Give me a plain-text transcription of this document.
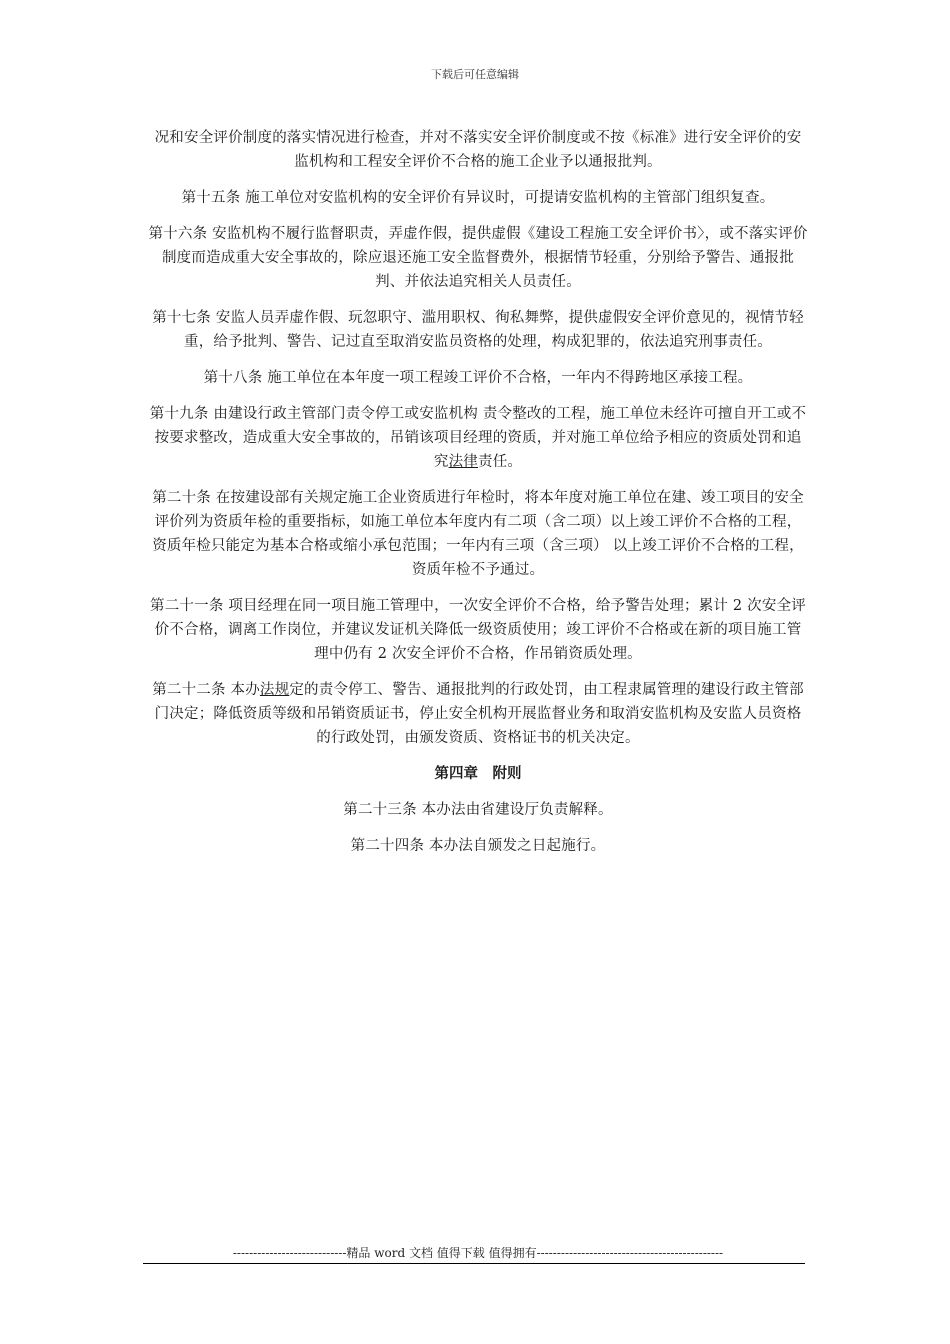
下载后可任意编辑

况和安全评价制度的落实情况进行检查，并对不落实安全评价制度或不按《标准》进行安全评价的安监机构和工程安全评价不合格的施工企业予以通报批判。

第十五条 施工单位对安监机构的安全评价有异议时，可提请安监机构的主管部门组织复查。

第十六条 安监机构不履行监督职责，弄虚作假，提供虚假《建设工程施工安全评价书〉，或不落实评价制度而造成重大安全事故的，除应退还施工安全监督费外，根据情节轻重，分别给予警告、通报批判、并依法追究相关人员责任。

第十七条 安监人员弄虚作假、玩忽职守、滥用职权、徇私舞弊，提供虚假安全评价意见的，视情节轻重，给予批判、警告、记过直至取消安监员资格的处理，构成犯罪的，依法追究刑事责任。

第十八条 施工单位在本年度一项工程竣工评价不合格，一年内不得跨地区承接工程。

第十九条 由建设行政主管部门责令停工或安监机构 责令整改的工程，施工单位未经许可擅自开工或不按要求整改，造成重大安全事故的，吊销该项目经理的资质，并对施工单位给予相应的资质处罚和追究法律责任。

第二十条 在按建设部有关规定施工企业资质进行年检时，将本年度对施工单位在建、竣工项目的安全评价列为资质年检的重要指标，如施工单位本年度内有二项（含二项）以上竣工评价不合格的工程，资质年检只能定为基本合格或缩小承包范围；一年内有三项（含三项） 以上竣工评价不合格的工程，资质年检不予通过。

第二十一条 项目经理在同一项目施工管理中，一次安全评价不合格，给予警告处理；累计 2 次安全评价不合格，调离工作岗位，并建议发证机关降低一级资质使用；竣工评价不合格或在新的项目施工管理中仍有 2 次安全评价不合格，作吊销资质处理。

第二十二条 本办法规定的责令停工、警告、通报批判的行政处罚，由工程隶属管理的建设行政主管部门决定；降低资质等级和吊销资质证书，停止安全机构开展监督业务和取消安监机构及安监人员资格的行政处罚，由颁发资质、资格证书的机关决定。

第四章　附则

第二十三条 本办法由省建设厅负责解释。

第二十四条 本办法自颁发之日起施行。

----------------------------精品 word 文档 值得下载 值得拥有----------------------------------------------
